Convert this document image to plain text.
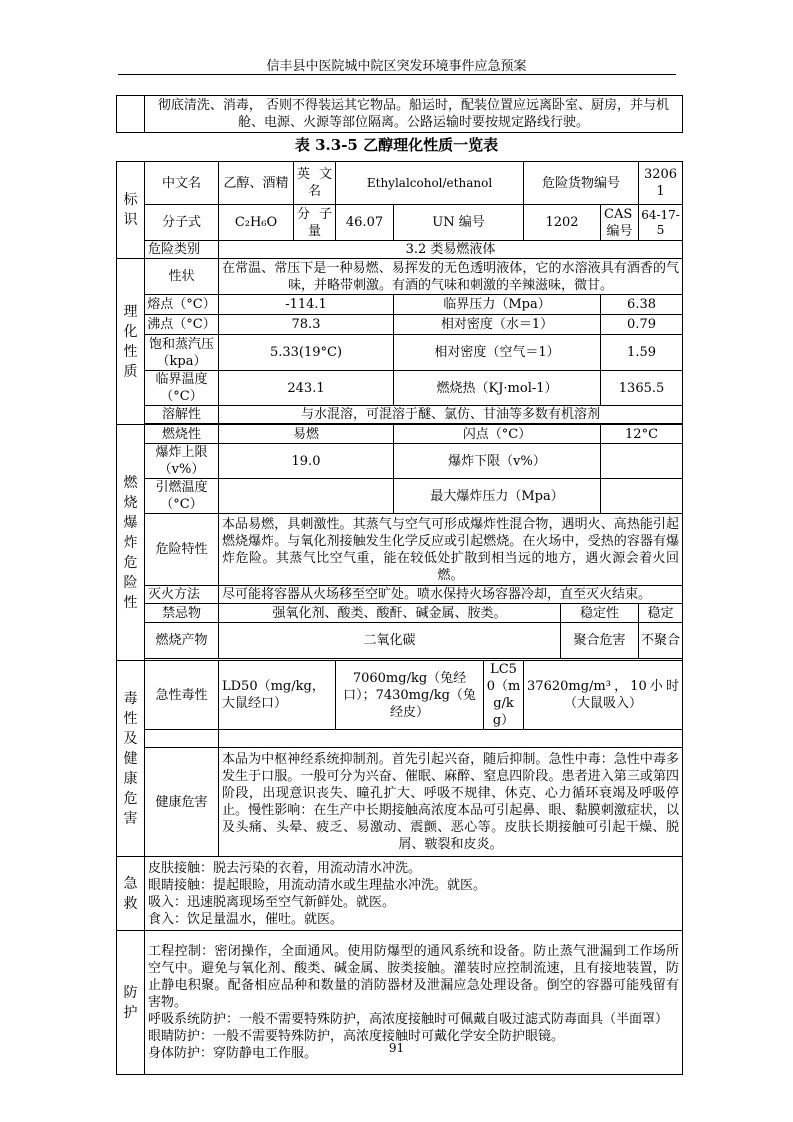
信丰县中医院城中院区突发环境事件应急预案
	彻底清洗、消毒， 否则不得装运其它物品。船运时，配装位置应远离卧室、厨房，并与机舱、电源、火源等部位隔离。公路运输时要按规定路线行驶。
表 3.3-5 乙醇理化性质一览表
标识	中文名	乙醇、酒精	英文名	Ethylalcohol/ethanol			危险货物编号			32061
	分子式	C₂H₆O	分子量	46.07	UN 编号		1202		CAS 编号	64-17-5
	危险类别	3.2 类易燃液体								
理化性质	性状	在常温、常压下是一种易燃、易挥发的无色透明液体，它的水溶液具有酒香的气味，并略带刺激。有酒的气味和刺激的辛辣滋味，微甘。								
	熔点（°C）	-114.1			临界压力（Mpa）				6.38	
	沸点（°C）	78.3			相对密度（水＝1）				0.79	
	饱和蒸汽压（kpa）	5.33(19°C)			相对密度（空气＝1）				1.59	
	临界温度（°C）	243.1			燃烧热（KJ·mol-1）				1365.5	
	溶解性	与水混溶，可混溶于醚、氯仿、甘油等多数有机溶剂								

燃烧爆炸危险性	燃烧性	易燃			闪点（°C）				12°C	
	爆炸上限（v%）	19.0			爆炸下限（v%）					
	引燃温度（°C）				最大爆炸压力（Mpa）					
	危险特性	本品易燃，具刺激性。其蒸气与空气可形成爆炸性混合物，遇明火、高热能引起燃烧爆炸。与氧化剂接触发生化学反应或引起燃烧。在火场中，受热的容器有爆炸危险。其蒸气比空气重，能在较低处扩散到相当远的地方，遇火源会着火回燃。								
	灭火方法	尽可能将容器从火场移至空旷处。喷水保持火场容器冷却，直至灭火结束。								
	禁忌物	强氧化剂、酸类、酸酐、碱金属、胺类。						稳定性		稳定
	燃烧产物	二氧化碳						聚合危害		不聚合

毒性及健康危害	急性毒性	LD50（mg/kg，大鼠经口）		7060mg/kg（兔经口）；7430mg/kg（兔经皮）		LC50（mg/kg）	37620mg/m³，10小时（大鼠吸入）			

	健康危害	本品为中枢神经系统抑制剂。首先引起兴奋，随后抑制。急性中毒：急性中毒多发生于口服。一般可分为兴奋、催眠、麻醉、窒息四阶段。患者进入第三或第四阶段，出现意识丧失、瞳孔扩大、呼吸不规律、休克、心力循环衰竭及呼吸停止。慢性影响：在生产中长期接触高浓度本品可引起鼻、眼、黏膜刺激症状，以及头痛、头晕、疲乏、易激动、震颤、恶心等。皮肤长期接触可引起干燥、脱屑、皲裂和皮炎。								
急救	皮肤接触：脱去污染的衣着，用流动清水冲洗。
眼睛接触：提起眼睑，用流动清水或生理盐水冲洗。就医。
吸入：迅速脱离现场至空气新鲜处。就医。
食入：饮足量温水，催吐。就医。									

防护	工程控制：密闭操作，全面通风。使用防爆型的通风系统和设备。防止蒸气泄漏到工作场所空气中。避免与氧化剂、酸类、碱金属、胺类接触。灌装时应控制流速，且有接地装置，防止静电积聚。配备相应品种和数量的消防器材及泄漏应急处理设备。倒空的容器可能残留有害物。
呼吸系统防护：一般不需要特殊防护，高浓度接触时可佩戴自吸过滤式防毒面具（半面罩）
眼睛防护：一般不需要特殊防护，高浓度接触时可戴化学安全防护眼镜。
身体防护：穿防静电工作服。										91
